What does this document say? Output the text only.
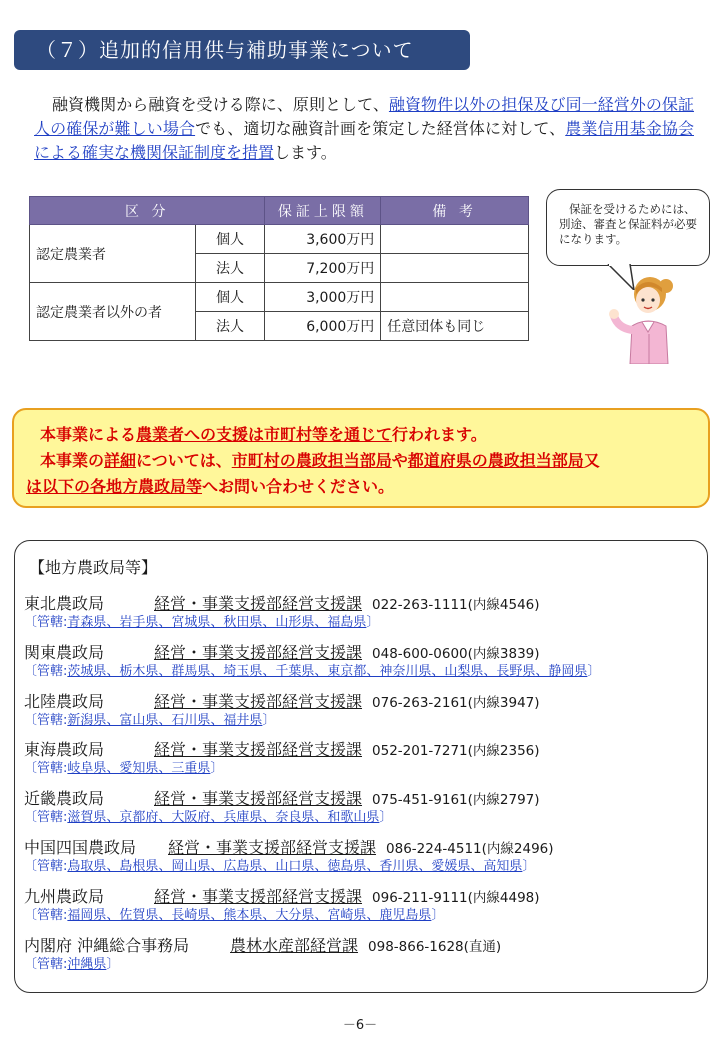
（７）追加的信用供与補助事業について

融資機関から融資を受ける際に、原則として、融資物件以外の担保及び同一経営外の保証人の確保が難しい場合でも、適切な融資計画を策定した経営体に対して、農業信用基金協会による確実な機関保証制度を措置します。

区 分		保証上限額	備 考
認定農業者	個人	3,600万円	
	法人	7,200万円	
認定農業者以外の者	個人	3,000万円	
	法人	6,000万円	任意団体も同じ
保証を受けるためには、別途、審査と保証料が必要になります。
本事業による農業者への支援は市町村等を通じて行われます。
本事業の詳細については、市町村の農政担当部局や都道府県の農政担当部局又
は以下の各地方農政局等へお問い合わせください。
【地方農政局等】
東北農政局	経営・事業支援部経営支援課 022-263-1111(内線4546)
〔管轄:青森県、岩手県、宮城県、秋田県、山形県、福島県〕
関東農政局	経営・事業支援部経営支援課 048-600-0600(内線3839)
〔管轄:茨城県、栃木県、群馬県、埼玉県、千葉県、東京都、神奈川県、山梨県、長野県、静岡県〕
北陸農政局	経営・事業支援部経営支援課 076-263-2161(内線3947)
〔管轄:新潟県、富山県、石川県、福井県〕
東海農政局	経営・事業支援部経営支援課 052-201-7271(内線2356)
〔管轄:岐阜県、愛知県、三重県〕
近畿農政局	経営・事業支援部経営支援課 075-451-9161(内線2797)
〔管轄:滋賀県、京都府、大阪府、兵庫県、奈良県、和歌山県〕
中国四国農政局 経営・事業支援部経営支援課 086-224-4511(内線2496)
〔管轄:鳥取県、島根県、岡山県、広島県、山口県、徳島県、香川県、愛媛県、高知県〕
九州農政局	経営・事業支援部経営支援課 096-211-9111(内線4498)
〔管轄:福岡県、佐賀県、長崎県、熊本県、大分県、宮崎県、鹿児島県〕
内閣府 沖縄総合事務局	農林水産部経営課 098-866-1628(直通)
〔管轄:沖縄県〕
－6－
